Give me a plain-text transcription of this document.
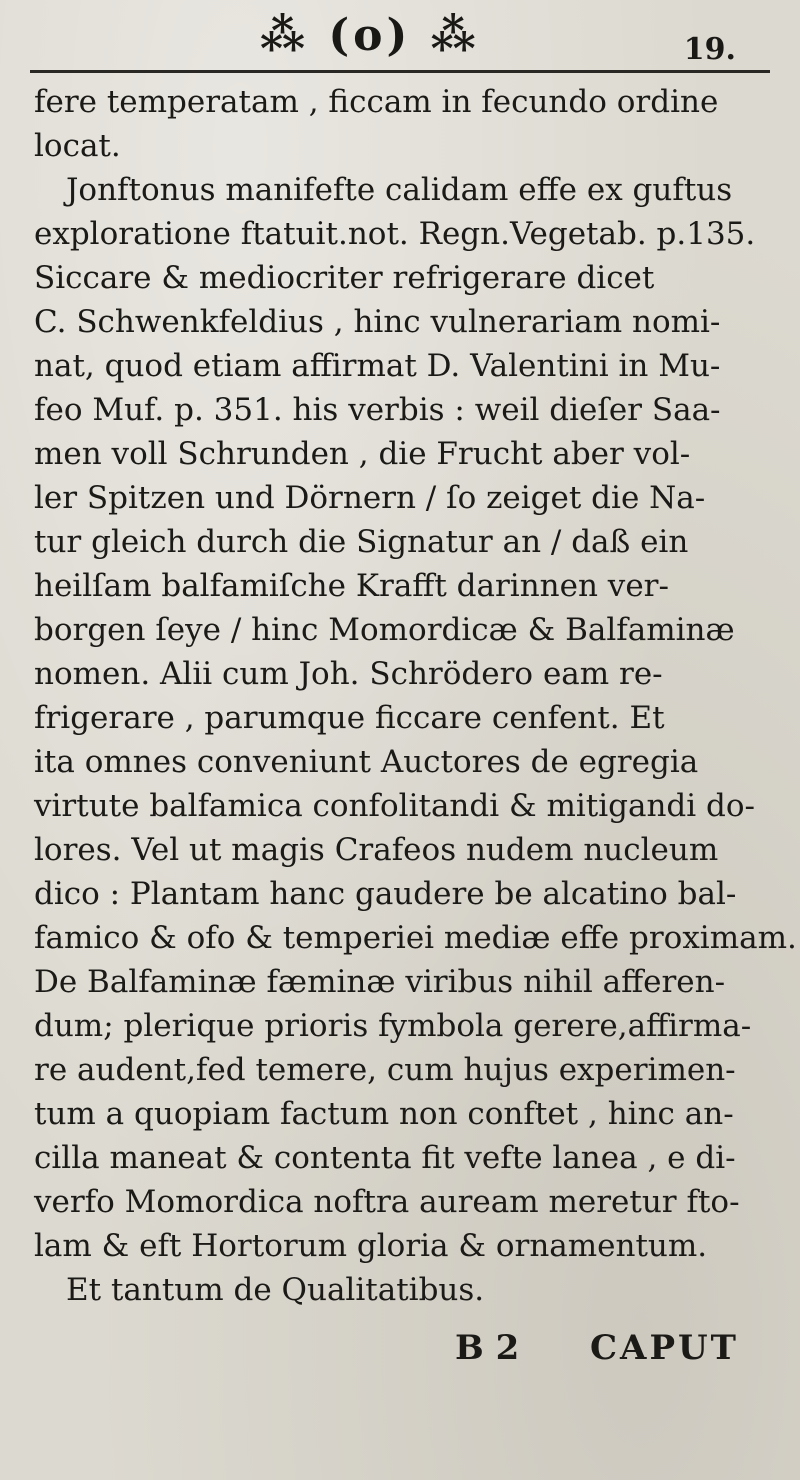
⁂ (o) ⁂	19.
fere temperatam , ficcam in fecundo ordine
locat.
Jonftonus manifefte calidam effe ex guftus
exploratione ftatuit.not. Regn.Vegetab. p.135.
Siccare & mediocriter refrigerare dicet
C. Schwenkfeldius , hinc vulnerariam nomi-
nat, quod etiam affirmat D. Valentini in Mu-
feo Muf. p. 351. his verbis : weil dieſer Saa-
men voll Schrunden , die Frucht aber vol-
ler Spitzen und Dörnern / ſo zeiget die Na-
tur gleich durch die Signatur an / daß ein
heilſam balfamiſche Krafft darinnen ver-
borgen ſeye / hinc Momordicæ & Balfaminæ
nomen. Alii cum Joh. Schrödero eam re-
frigerare , parumque ficcare cenfent. Et
ita omnes conveniunt Auctores de egregia
virtute balfamica confolitandi & mitigandi do-
lores. Vel ut magis Crafeos nudem nucleum
dico : Plantam hanc gaudere be alcatino bal-
famico & ofo & temperiei mediæ effe proximam.
De Balfaminæ fæminæ viribus nihil afferen-
dum; plerique prioris fymbola gerere,affirma-
re audent,fed temere, cum hujus experimen-
tum a quopiam factum non conftet , hinc an-
cilla maneat & contenta fit vefte lanea , e di-
verfo Momordica noftra auream meretur fto-
lam & eft Hortorum gloria & ornamentum.
Et tantum de Qualitatibus.
B 2 CAPUT
